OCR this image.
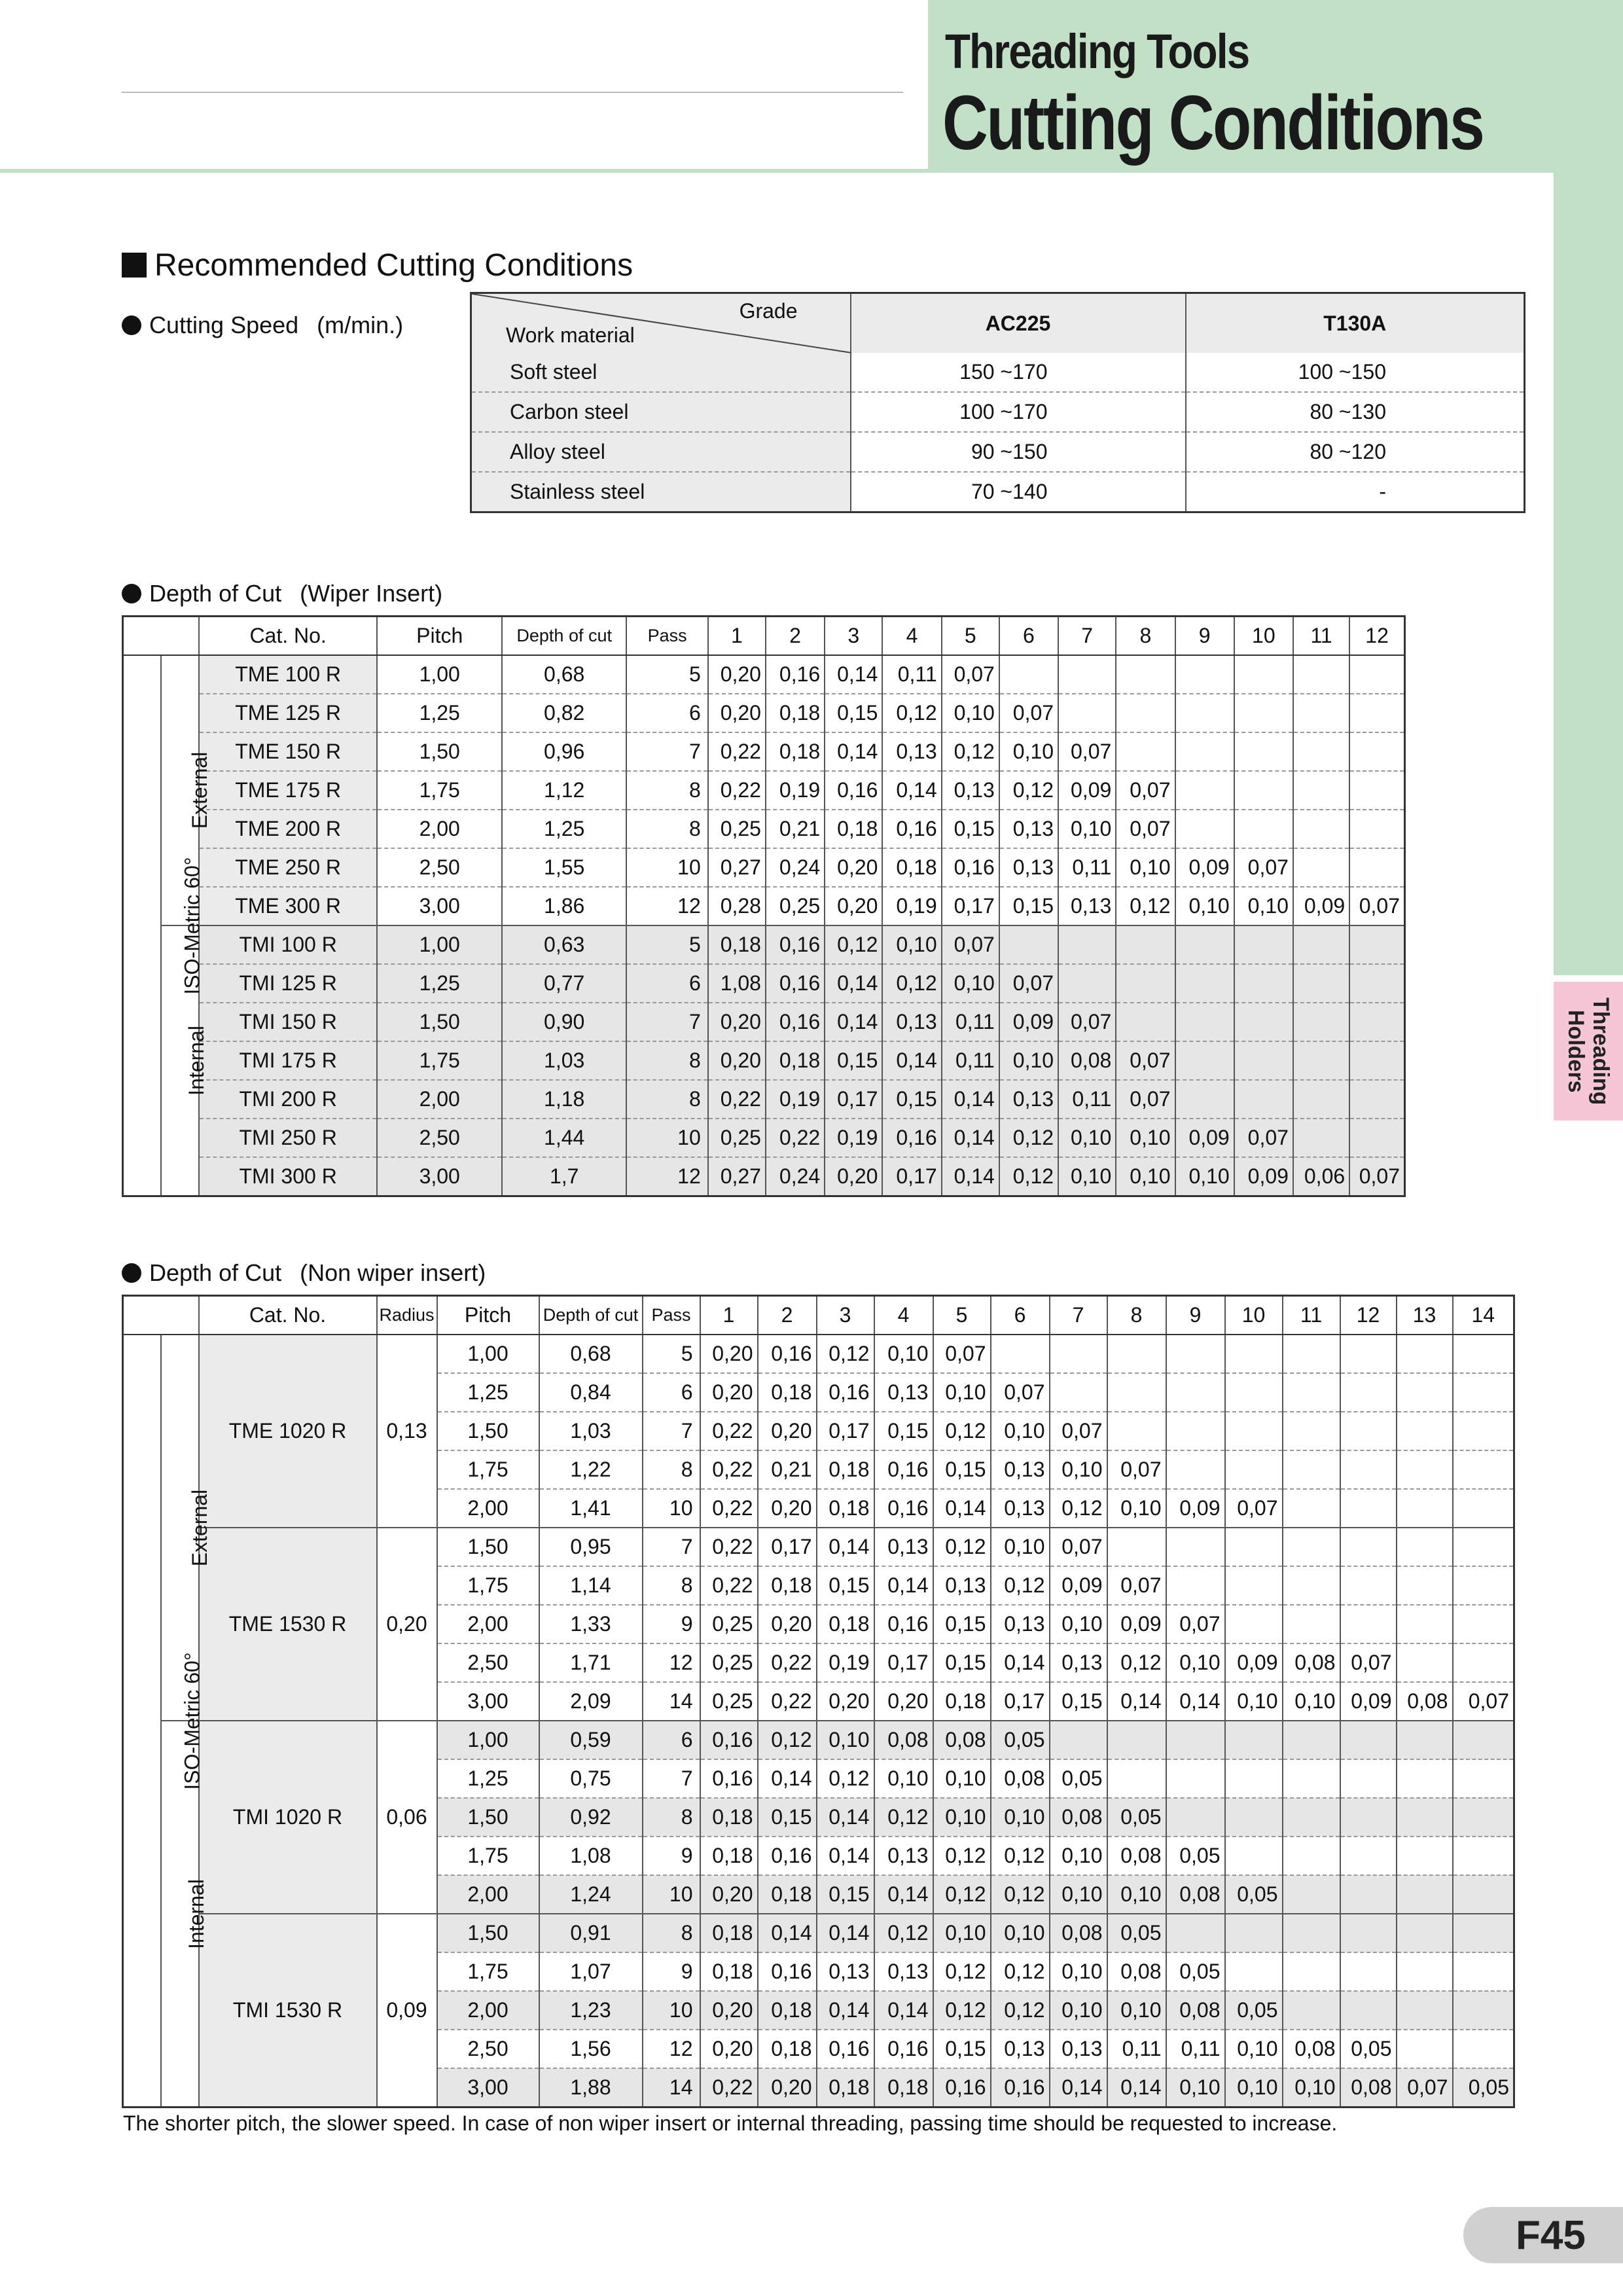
Threading Tools
Cutting Conditions
Threading Holders
Recommended Cutting Conditions
Cutting Speed (m/min.)
Grade
Work material	AC225	T130A
Soft steel	150 ~170	100 ~150
Carbon steel	100 ~170	80 ~130
Alloy steel	90 ~150	80 ~120
Stainless steel	70 ~140	-
Depth of Cut (Wiper Insert)
		Cat. No.	Pitch	Depth of cut	Pass	1	2	3	4	5	6	7	8	9	10	11	12
ISO-Metric 60°	External	TME 100 R	1,00	0,68	5	0,20	0,16	0,14	0,11	0,07							
		TME 125 R	1,25	0,82	6	0,20	0,18	0,15	0,12	0,10	0,07						
		TME 150 R	1,50	0,96	7	0,22	0,18	0,14	0,13	0,12	0,10	0,07					
		TME 175 R	1,75	1,12	8	0,22	0,19	0,16	0,14	0,13	0,12	0,09	0,07				
		TME 200 R	2,00	1,25	8	0,25	0,21	0,18	0,16	0,15	0,13	0,10	0,07				
		TME 250 R	2,50	1,55	10	0,27	0,24	0,20	0,18	0,16	0,13	0,11	0,10	0,09	0,07		
		TME 300 R	3,00	1,86	12	0,28	0,25	0,20	0,19	0,17	0,15	0,13	0,12	0,10	0,10	0,09	0,07
	Internal	TMI 100 R	1,00	0,63	5	0,18	0,16	0,12	0,10	0,07							
		TMI 125 R	1,25	0,77	6	1,08	0,16	0,14	0,12	0,10	0,07						
		TMI 150 R	1,50	0,90	7	0,20	0,16	0,14	0,13	0,11	0,09	0,07					
		TMI 175 R	1,75	1,03	8	0,20	0,18	0,15	0,14	0,11	0,10	0,08	0,07				
		TMI 200 R	2,00	1,18	8	0,22	0,19	0,17	0,15	0,14	0,13	0,11	0,07				
		TMI 250 R	2,50	1,44	10	0,25	0,22	0,19	0,16	0,14	0,12	0,10	0,10	0,09	0,07		
		TMI 300 R	3,00	1,7	12	0,27	0,24	0,20	0,17	0,14	0,12	0,10	0,10	0,10	0,09	0,06	0,07
Depth of Cut (Non wiper insert)
		Cat. No.	Radius	Pitch	Depth of cut	Pass	1	2	3	4	5	6	7	8	9	10	11	12	13	14
ISO-Metric 60°	External	TME 1020 R	0,13	1,00	0,68	5	0,20	0,16	0,12	0,10	0,07									
				1,25	0,84	6	0,20	0,18	0,16	0,13	0,10	0,07								
				1,50	1,03	7	0,22	0,20	0,17	0,15	0,12	0,10	0,07							
				1,75	1,22	8	0,22	0,21	0,18	0,16	0,15	0,13	0,10	0,07						
				2,00	1,41	10	0,22	0,20	0,18	0,16	0,14	0,13	0,12	0,10	0,09	0,07				
		TME 1530 R	0,20	1,50	0,95	7	0,22	0,17	0,14	0,13	0,12	0,10	0,07							
				1,75	1,14	8	0,22	0,18	0,15	0,14	0,13	0,12	0,09	0,07						
				2,00	1,33	9	0,25	0,20	0,18	0,16	0,15	0,13	0,10	0,09	0,07					
				2,50	1,71	12	0,25	0,22	0,19	0,17	0,15	0,14	0,13	0,12	0,10	0,09	0,08	0,07		
				3,00	2,09	14	0,25	0,22	0,20	0,20	0,18	0,17	0,15	0,14	0,14	0,10	0,10	0,09	0,08	0,07
	Internal	TMI 1020 R	0,06	1,00	0,59	6	0,16	0,12	0,10	0,08	0,08	0,05								
				1,25	0,75	7	0,16	0,14	0,12	0,10	0,10	0,08	0,05							
				1,50	0,92	8	0,18	0,15	0,14	0,12	0,10	0,10	0,08	0,05						
				1,75	1,08	9	0,18	0,16	0,14	0,13	0,12	0,12	0,10	0,08	0,05					
				2,00	1,24	10	0,20	0,18	0,15	0,14	0,12	0,12	0,10	0,10	0,08	0,05				
		TMI 1530 R	0,09	1,50	0,91	8	0,18	0,14	0,14	0,12	0,10	0,10	0,08	0,05						
				1,75	1,07	9	0,18	0,16	0,13	0,13	0,12	0,12	0,10	0,08	0,05					
				2,00	1,23	10	0,20	0,18	0,14	0,14	0,12	0,12	0,10	0,10	0,08	0,05				
				2,50	1,56	12	0,20	0,18	0,16	0,16	0,15	0,13	0,13	0,11	0,11	0,10	0,08	0,05		
				3,00	1,88	14	0,22	0,20	0,18	0,18	0,16	0,16	0,14	0,14	0,10	0,10	0,10	0,08	0,07	0,05
The shorter pitch, the slower speed. In case of non wiper insert or internal threading, passing time should be requested to increase.
F45
